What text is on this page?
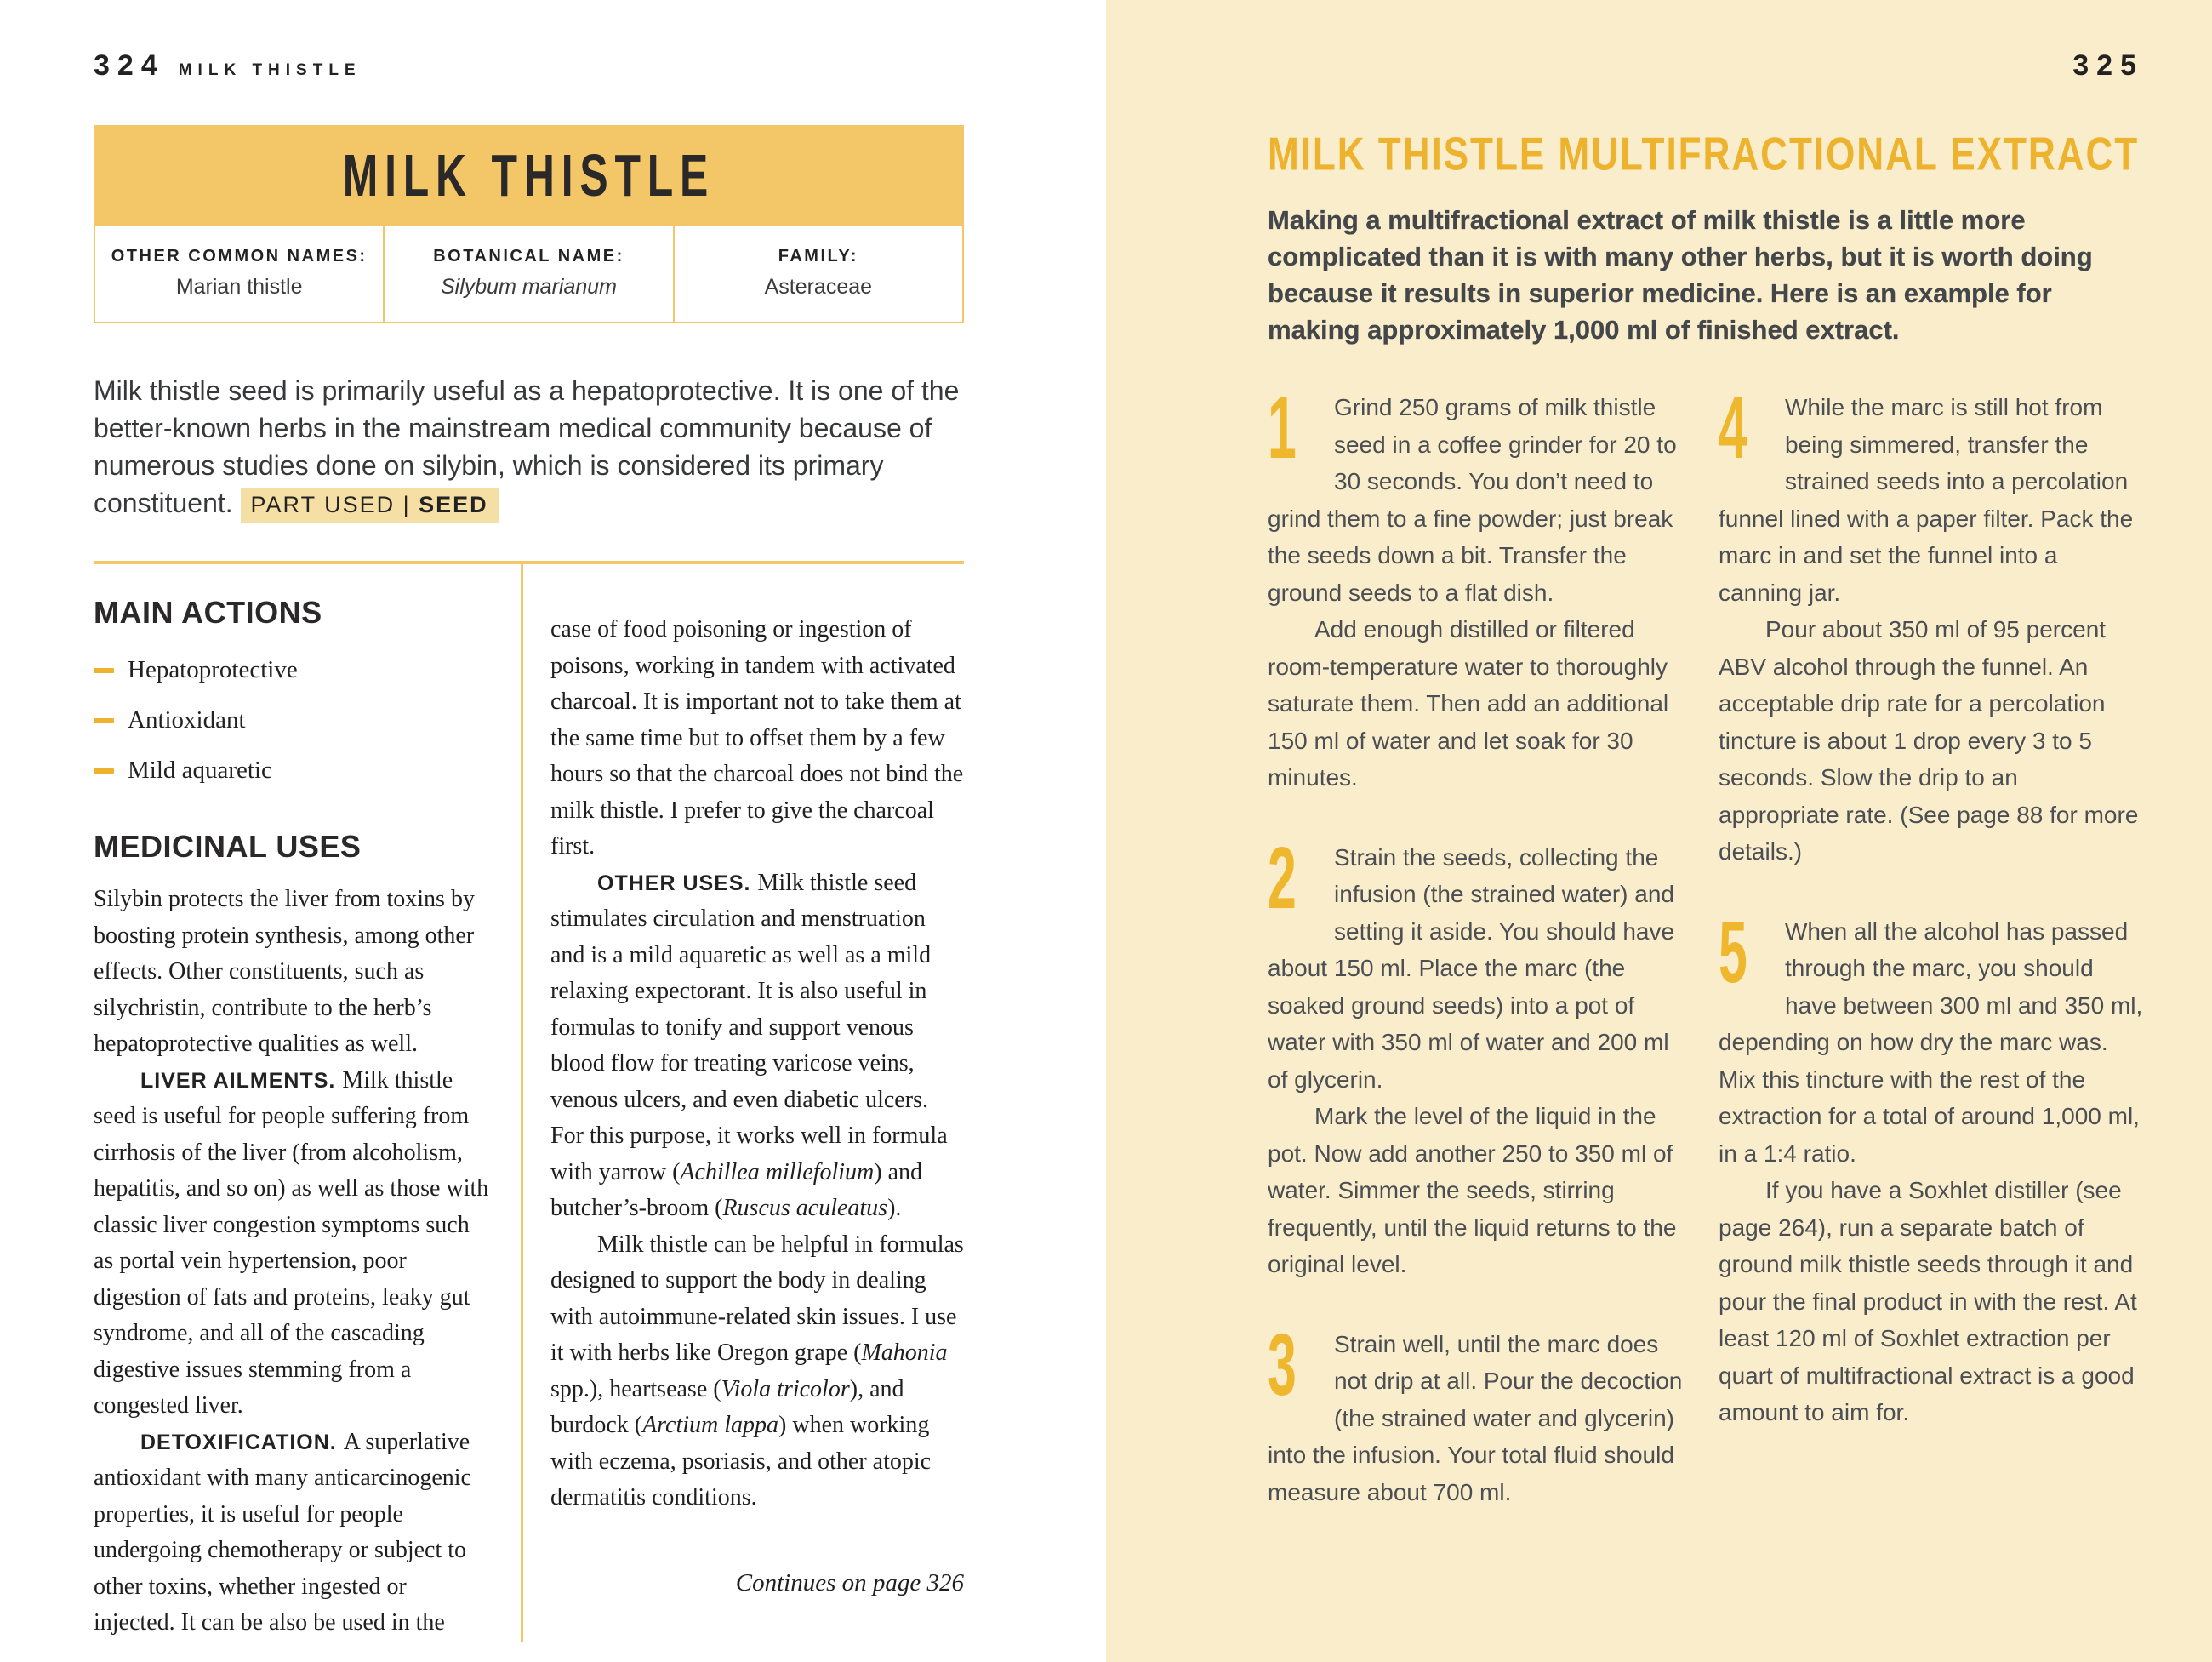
324 MILK THISTLE
MILK THISTLE
OTHER COMMON NAMES:
Marian thistle
BOTANICAL NAME:
Silybum marianum
FAMILY:
Asteraceae

Milk thistle seed is primarily useful as a hepatoprotective. It is one of the better-known herbs in the mainstream medical community because of numerous studies done on silybin, which is considered its primary constituent. PART USED | SEED

MAIN ACTIONS
Hepatoprotective
Antioxidant
Mild aquaretic
MEDICINAL USES

Silybin protects the liver from toxins by boosting protein synthesis, among other effects. Other constituents, such as silychristin, contribute to the herb’s hepatoprotective qualities as well.

LIVER AILMENTS. Milk thistle seed is useful for people suffering from cirrhosis of the liver (from alcoholism, hepatitis, and so on) as well as those with classic liver congestion symptoms such as portal vein hypertension, poor digestion of fats and proteins, leaky gut syndrome, and all of the cascading digestive issues stemming from a congested liver.

DETOXIFICATION. A superlative antioxidant with many anticarcinogenic properties, it is useful for people undergoing chemotherapy or subject to other toxins, whether ingested or injected. It can be also be used in the

case of food poisoning or ingestion of poisons, working in tandem with activated charcoal. It is important not to take them at the same time but to offset them by a few hours so that the charcoal does not bind the milk thistle. I prefer to give the charcoal first.

OTHER USES. Milk thistle seed stimulates circulation and menstruation and is a mild aquaretic as well as a mild relaxing expectorant. It is also useful in formulas to tonify and support venous blood flow for treating varicose veins, venous ulcers, and even diabetic ulcers. For this purpose, it works well in formula with yarrow (Achillea millefolium) and butcher’s-broom (Ruscus aculeatus).

Milk thistle can be helpful in formulas designed to support the body in dealing with autoimmune-related skin issues. I use it with herbs like Oregon grape (Mahonia spp.), heartsease (Viola tricolor), and burdock (Arctium lappa) when working with eczema, psoriasis, and other atopic dermatitis conditions.

Continues on page 326

325
MILK THISTLE MULTIFRACTIONAL EXTRACT

Making a multifractional extract of milk thistle is a little more complicated than it is with many other herbs, but it is worth doing because it results in superior medicine. Here is an example for making approximately 1,000 ml of finished extract.

1	Grind 250 grams of milk thistle seed in a coffee grinder for 20 to 30 seconds. You don’t need to grind them to a fine powder; just break the seeds down a bit. Transfer the ground seeds to a flat dish.

Add enough distilled or filtered room-temperature water to thoroughly saturate them. Then add an additional 150 ml of water and let soak for 30 minutes.

2	Strain the seeds, collecting the infusion (the strained water) and setting it aside. You should have about 150 ml. Place the marc (the soaked ground seeds) into a pot of water with 350 ml of water and 200 ml of glycerin.

Mark the level of the liquid in the pot. Now add another 250 to 350 ml of water. Simmer the seeds, stirring frequently, until the liquid returns to the original level.

3	Strain well, until the marc does not drip at all. Pour the decoction (the strained water and glycerin) into the infusion. Your total fluid should measure about 700 ml.

4	While the marc is still hot from being simmered, transfer the strained seeds into a percolation funnel lined with a paper filter. Pack the marc in and set the funnel into a canning jar.

Pour about 350 ml of 95 percent ABV alcohol through the funnel. An acceptable drip rate for a percolation tincture is about 1 drop every 3 to 5 seconds. Slow the drip to an appropriate rate. (See page 88 for more details.)

5	When all the alcohol has passed through the marc, you should have between 300 ml and 350 ml, depending on how dry the marc was. Mix this tincture with the rest of the extraction for a total of around 1,000 ml, in a 1:4 ratio.

If you have a Soxhlet distiller (see page 264), run a separate batch of ground milk thistle seeds through it and pour the final product in with the rest. At least 120 ml of Soxhlet extraction per quart of multifractional extract is a good amount to aim for.
